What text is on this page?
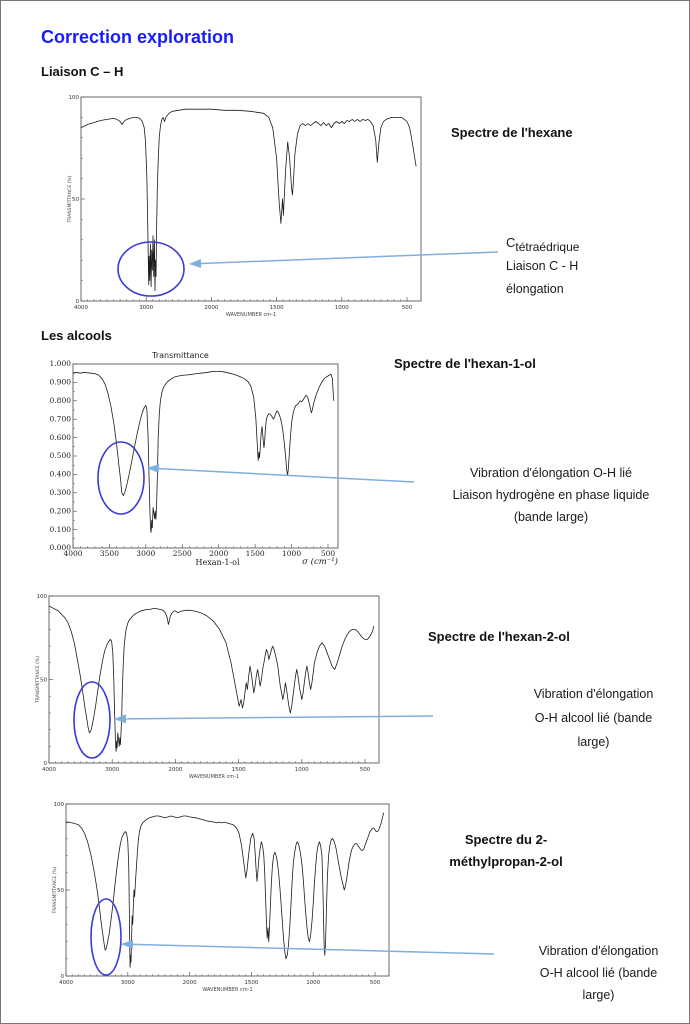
Correction exploration
Liaison C – H
4000	3000	2000	1500	1000	500
100
50
0
WAVENUMBER cm-1
TRANSMITTANCE (%)
Spectre de l'hexane
Ctétraédrique
Liaison C - H
élongation
Les alcools
4000 3500 3000 2500 2000 1500 1000	500
1.000
0.900
0.800
0.700
0.600
0.500
0.400
0.300
0.200
0.100
0.000
Transmittance
Hexan-1-ol	σ (cm⁻¹)
Spectre de l'hexan-1-ol
Vibration d'élongation O-H lié
Liaison hydrogène en phase liquide
(bande large)
4000	3000	2000	1500	1000	500
100
50
0
WAVENUMBER cm-1
TRANSMITTANCE (%)
Spectre de l'hexan-2-ol
Vibration d'élongation
O-H alcool lié (bande
large)
4000	3000	2000	1500	1000	500
100
50
0
WAVENUMBER cm-1
TRANSMITTANCE (%)
Spectre du 2-
méthylpropan-2-ol
Vibration d'élongation
O-H alcool lié (bande
large)
